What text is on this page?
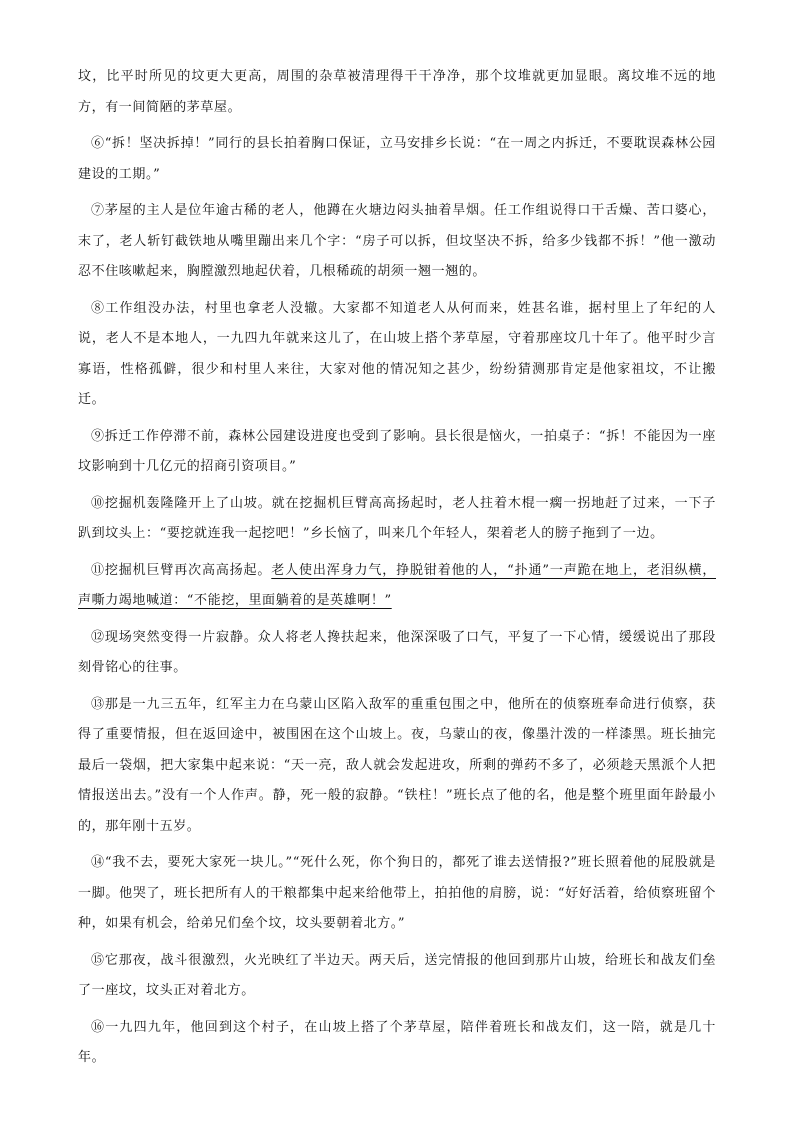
坟，比平时所见的坟更大更高，周围的杂草被清理得干干净净，那个坟堆就更加显眼。离坟堆不远的地方，有一间简陋的茅草屋。

⑥“拆！坚决拆掉！”同行的县长拍着胸口保证，立马安排乡长说：“在一周之内拆迁，不要耽误森林公园建设的工期。”

⑦茅屋的主人是位年逾古稀的老人，他蹲在火塘边闷头抽着旱烟。任工作组说得口干舌燥、苦口婆心，末了，老人斩钉截铁地从嘴里蹦出来几个字：“房子可以拆，但坟坚决不拆，给多少钱都不拆！”他一激动忍不住咳嗽起来，胸膛激烈地起伏着，几根稀疏的胡须一翘一翘的。

⑧工作组没办法，村里也拿老人没辙。大家都不知道老人从何而来，姓甚名谁，据村里上了年纪的人说，老人不是本地人，一九四九年就来这儿了，在山坡上搭个茅草屋，守着那座坟几十年了。他平时少言寡语，性格孤僻，很少和村里人来往，大家对他的情况知之甚少，纷纷猜测那肯定是他家祖坟，不让搬迁。

⑨拆迁工作停滞不前，森林公园建设进度也受到了影响。县长很是恼火，一拍桌子：“拆！不能因为一座坟影响到十几亿元的招商引资项目。”

⑩挖掘机轰隆隆开上了山坡。就在挖掘机巨臂高高扬起时，老人拄着木棍一瘸一拐地赶了过来，一下子趴到坟头上：“要挖就连我一起挖吧！”乡长恼了，叫来几个年轻人，架着老人的膀子拖到了一边。

⑪挖掘机巨臂再次高高扬起。老人使出浑身力气，挣脱钳着他的人，“扑通”一声跪在地上，老泪纵横，声嘶力竭地喊道：“不能挖，里面躺着的是英雄啊！”

⑫现场突然变得一片寂静。众人将老人搀扶起来，他深深吸了口气，平复了一下心情，缓缓说出了那段刻骨铭心的往事。

⑬那是一九三五年，红军主力在乌蒙山区陷入敌军的重重包围之中，他所在的侦察班奉命进行侦察，获得了重要情报，但在返回途中，被围困在这个山坡上。夜，乌蒙山的夜，像墨汁泼的一样漆黑。班长抽完最后一袋烟，把大家集中起来说：“天一亮，敌人就会发起进攻，所剩的弹药不多了，必须趁天黑派个人把情报送出去。”没有一个人作声。静，死一般的寂静。“铁柱！”班长点了他的名，他是整个班里面年龄最小的，那年刚十五岁。

⑭“我不去，要死大家死一块儿。”“死什么死，你个狗日的，都死了谁去送情报?”班长照着他的屁股就是一脚。他哭了，班长把所有人的干粮都集中起来给他带上，拍拍他的肩膀，说：“好好活着，给侦察班留个种，如果有机会，给弟兄们垒个坟，坟头要朝着北方。”

⑮它那夜，战斗很激烈，火光映红了半边天。两天后，送完情报的他回到那片山坡，给班长和战友们垒了一座坟，坟头正对着北方。

⑯一九四九年，他回到这个村子，在山坡上搭了个茅草屋，陪伴着班长和战友们，这一陪，就是几十年。
